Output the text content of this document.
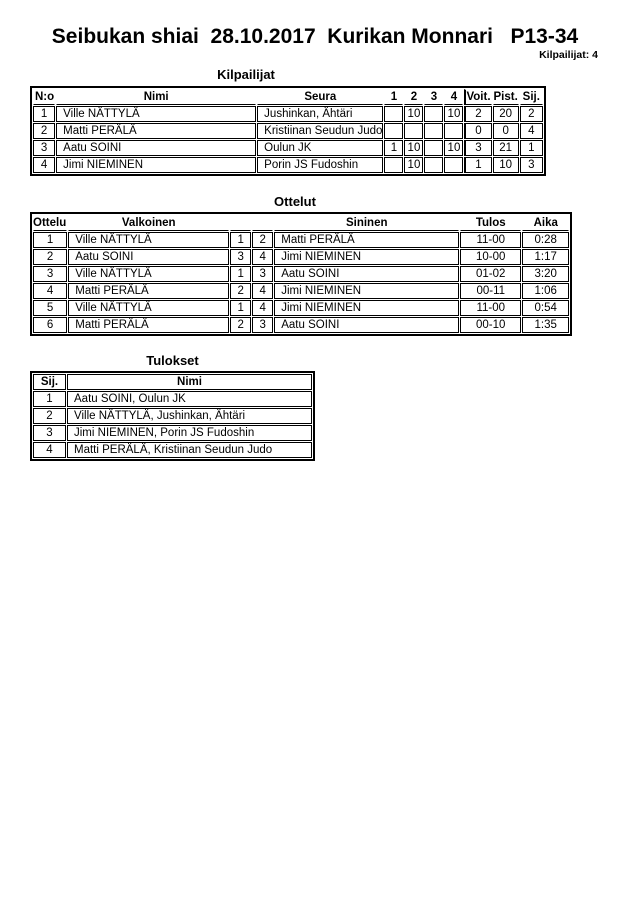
Seibukan shiai  28.10.2017  Kurikan Monnari   P13-34
Kilpailijat: 4
Kilpailijat
N:o	Nimi	Seura	1	2	3	4	Voit.	Pist.	Sij.
1	Ville NÄTTYLÄ	Jushinkan, Ähtäri		10		10	2	20	2
2	Matti PERÄLÄ	Kristiinan Seudun Judo					0	0	4
3	Aatu SOINI	Oulun JK	1	10		10	3	21	1
4	Jimi NIEMINEN	Porin JS Fudoshin		10			1	10	3
Ottelut
Ottelu	Valkoinen			Sininen	Tulos	Aika
1	Ville NÄTTYLÄ	1	2	Matti PERÄLÄ	11-00	0:28
2	Aatu SOINI	3	4	Jimi NIEMINEN	10-00	1:17
3	Ville NÄTTYLÄ	1	3	Aatu SOINI	01-02	3:20
4	Matti PERÄLÄ	2	4	Jimi NIEMINEN	00-11	1:06
5	Ville NÄTTYLÄ	1	4	Jimi NIEMINEN	11-00	0:54
6	Matti PERÄLÄ	2	3	Aatu SOINI	00-10	1:35
Tulokset
Sij.	Nimi
1	Aatu SOINI, Oulun JK
2	Ville NÄTTYLÄ, Jushinkan, Ähtäri
3	Jimi NIEMINEN, Porin JS Fudoshin
4	Matti PERÄLÄ, Kristiinan Seudun Judo
